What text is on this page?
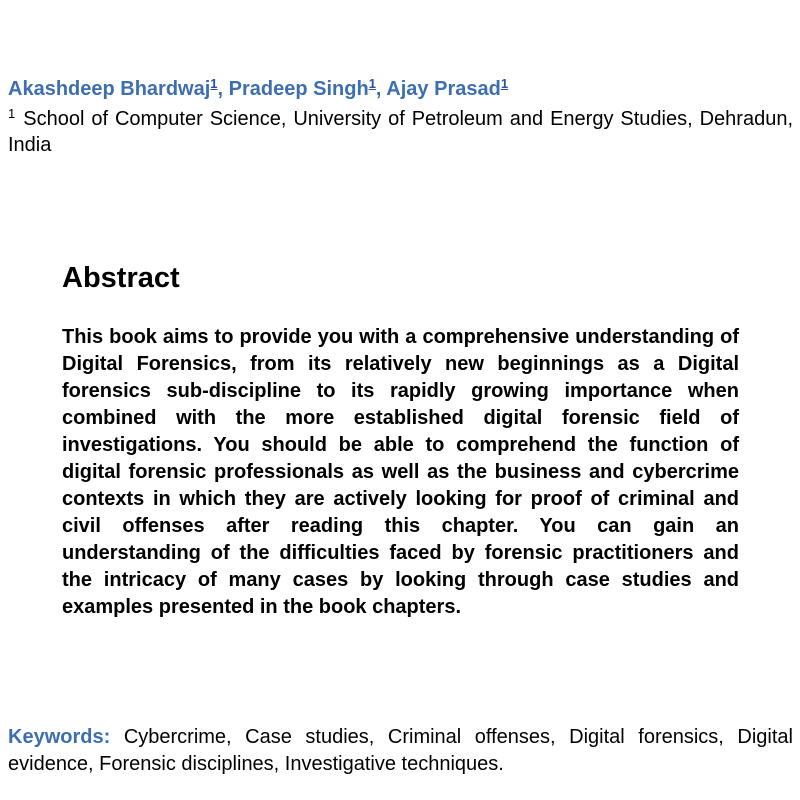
Akashdeep Bhardwaj$^1$, Pradeep Singh$^1$, Ajay Prasad$^1$
$^1$ School of Computer Science, University of Petroleum and Energy Studies, Dehradun, India
Abstract

This book aims to provide you with a comprehensive understanding of Digital Forensics, from its relatively new beginnings as a Digital forensics sub-discipline to its rapidly growing importance when combined with the more established digital forensic field of investigations. You should be able to comprehend the function of digital forensic professionals as well as the business and cybercrime contexts in which they are actively looking for proof of criminal and civil offenses after reading this chapter. You can gain an understanding of the difficulties faced by forensic practitioners and the intricacy of many cases by looking through case studies and examples presented in the book chapters.

Keywords: Cybercrime, Case studies, Criminal offenses, Digital forensics, Digital evidence, Forensic disciplines, Investigative techniques.
